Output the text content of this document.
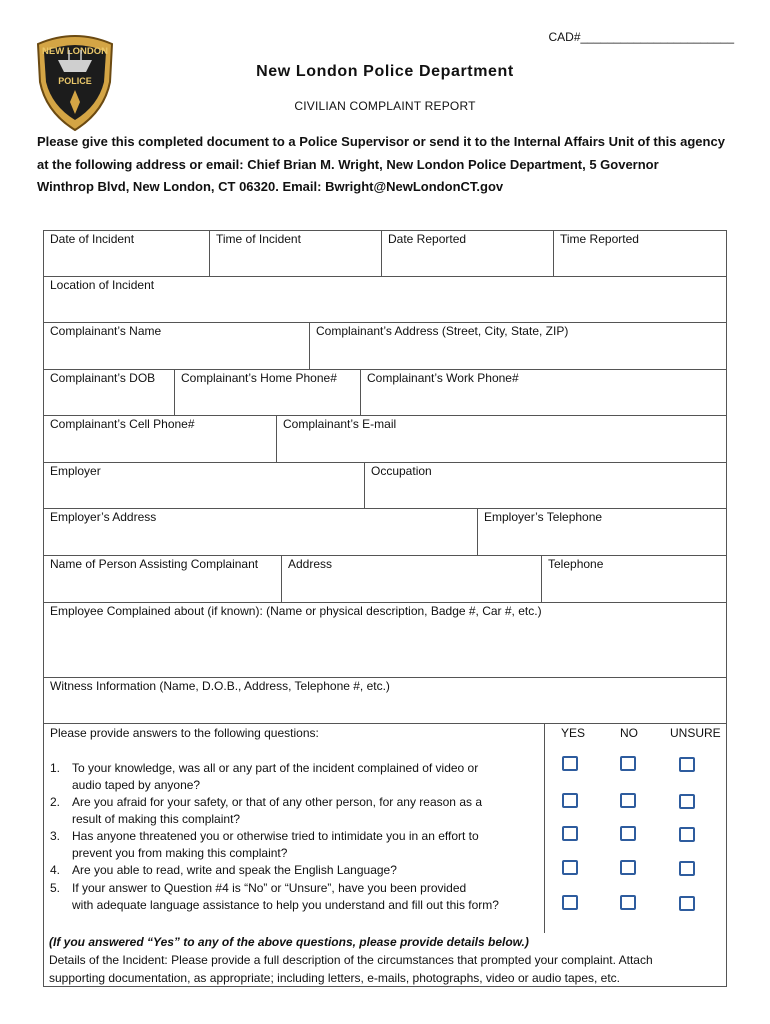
NEW LONDON
POLICE
CAD#_______________________
New London Police Department
CIVILIAN COMPLAINT REPORT
Please give this completed document to a Police Supervisor or send it to the Internal Affairs Unit of this agency
at the following address or email: Chief Brian M. Wright, New London Police Department, 5 Governor
Winthrop Blvd, New London, CT 06320. Email: Bwright@NewLondonCT.gov
Date of Incident	Time of Incident	Date Reported	Time Reported
Location of Incident
Complainant’s Name	Complainant’s Address (Street, City, State, ZIP)
Complainant’s DOB	Complainant’s Home Phone#	Complainant’s Work Phone#
Complainant’s Cell Phone#	Complainant’s E-mail
Employer	Occupation
Employer’s Address	Employer’s Telephone
Name of Person Assisting Complainant	Address	Telephone
Employee Complained about (if known): (Name or physical description, Badge #, Car #, etc.)
Witness Information (Name, D.O.B., Address, Telephone #, etc.)
Please provide answers to the following questions:	YES	NO	UNSURE
1. To your knowledge, was all or any part of the incident complained of video or
audio taped by anyone?
2. Are you afraid for your safety, or that of any other person, for any reason as a
result of making this complaint?
3. Has anyone threatened you or otherwise tried to intimidate you in an effort to
prevent you from making this complaint?
4. Are you able to read, write and speak the English Language?
5. If your answer to Question #4 is “No” or “Unsure”, have you been provided
with adequate language assistance to help you understand and fill out this form?
(If you answered “Yes” to any of the above questions, please provide details below.)
Details of the Incident: Please provide a full description of the circumstances that prompted your complaint. Attach
supporting documentation, as appropriate; including letters, e-mails, photographs, video or audio tapes, etc.
